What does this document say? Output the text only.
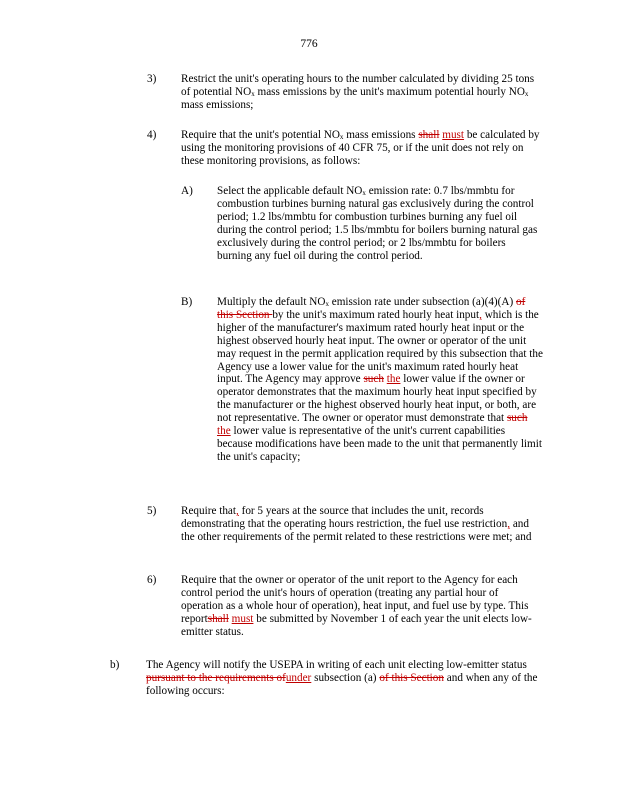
776
3) Restrict the unit's operating hours to the number calculated by dividing 25 tons of potential $NO_x$ mass emissions by the unit's maximum potential hourly $NO_x$ mass emissions;
4) Require that the unit's potential $NO_x$ mass emissions shall must be calculated by using the monitoring provisions of 40 CFR 75, or if the unit does not rely on these monitoring provisions, as follows:
A) Select the applicable default $NO_x$ emission rate: 0.7 lbs/mmbtu for combustion turbines burning natural gas exclusively during the control period; 1.2 lbs/mmbtu for combustion turbines burning any fuel oil during the control period; 1.5 lbs/mmbtu for boilers burning natural gas exclusively during the control period; or 2 lbs/mmbtu for boilers burning any fuel oil during the control period.
B) Multiply the default $NO_x$ emission rate under subsection (a)(4)(A) of this Section by the unit's maximum rated hourly heat input, which is the higher of the manufacturer's maximum rated hourly heat input or the highest observed hourly heat input. The owner or operator of the unit may request in the permit application required by this subsection that the Agency use a lower value for the unit's maximum rated hourly heat input. The Agency may approve such the lower value if the owner or operator demonstrates that the maximum hourly heat input specified by the manufacturer or the highest observed hourly heat input, or both, are not representative. The owner or operator must demonstrate that such the lower value is representative of the unit's current capabilities because modifications have been made to the unit that permanently limit the unit's capacity;
5) Require that, for 5 years at the source that includes the unit, records demonstrating that the operating hours restriction, the fuel use restriction, and the other requirements of the permit related to these restrictions were met; and
6) Require that the owner or operator of the unit report to the Agency for each control period the unit's hours of operation (treating any partial hour of operation as a whole hour of operation), heat input, and fuel use by type. This reportshall must be submitted by November 1 of each year the unit elects low-emitter status.
b) The Agency will notify the USEPA in writing of each unit electing low-emitter status pursuant to the requirements ofunder subsection (a) of this Section and when any of the following occurs:
